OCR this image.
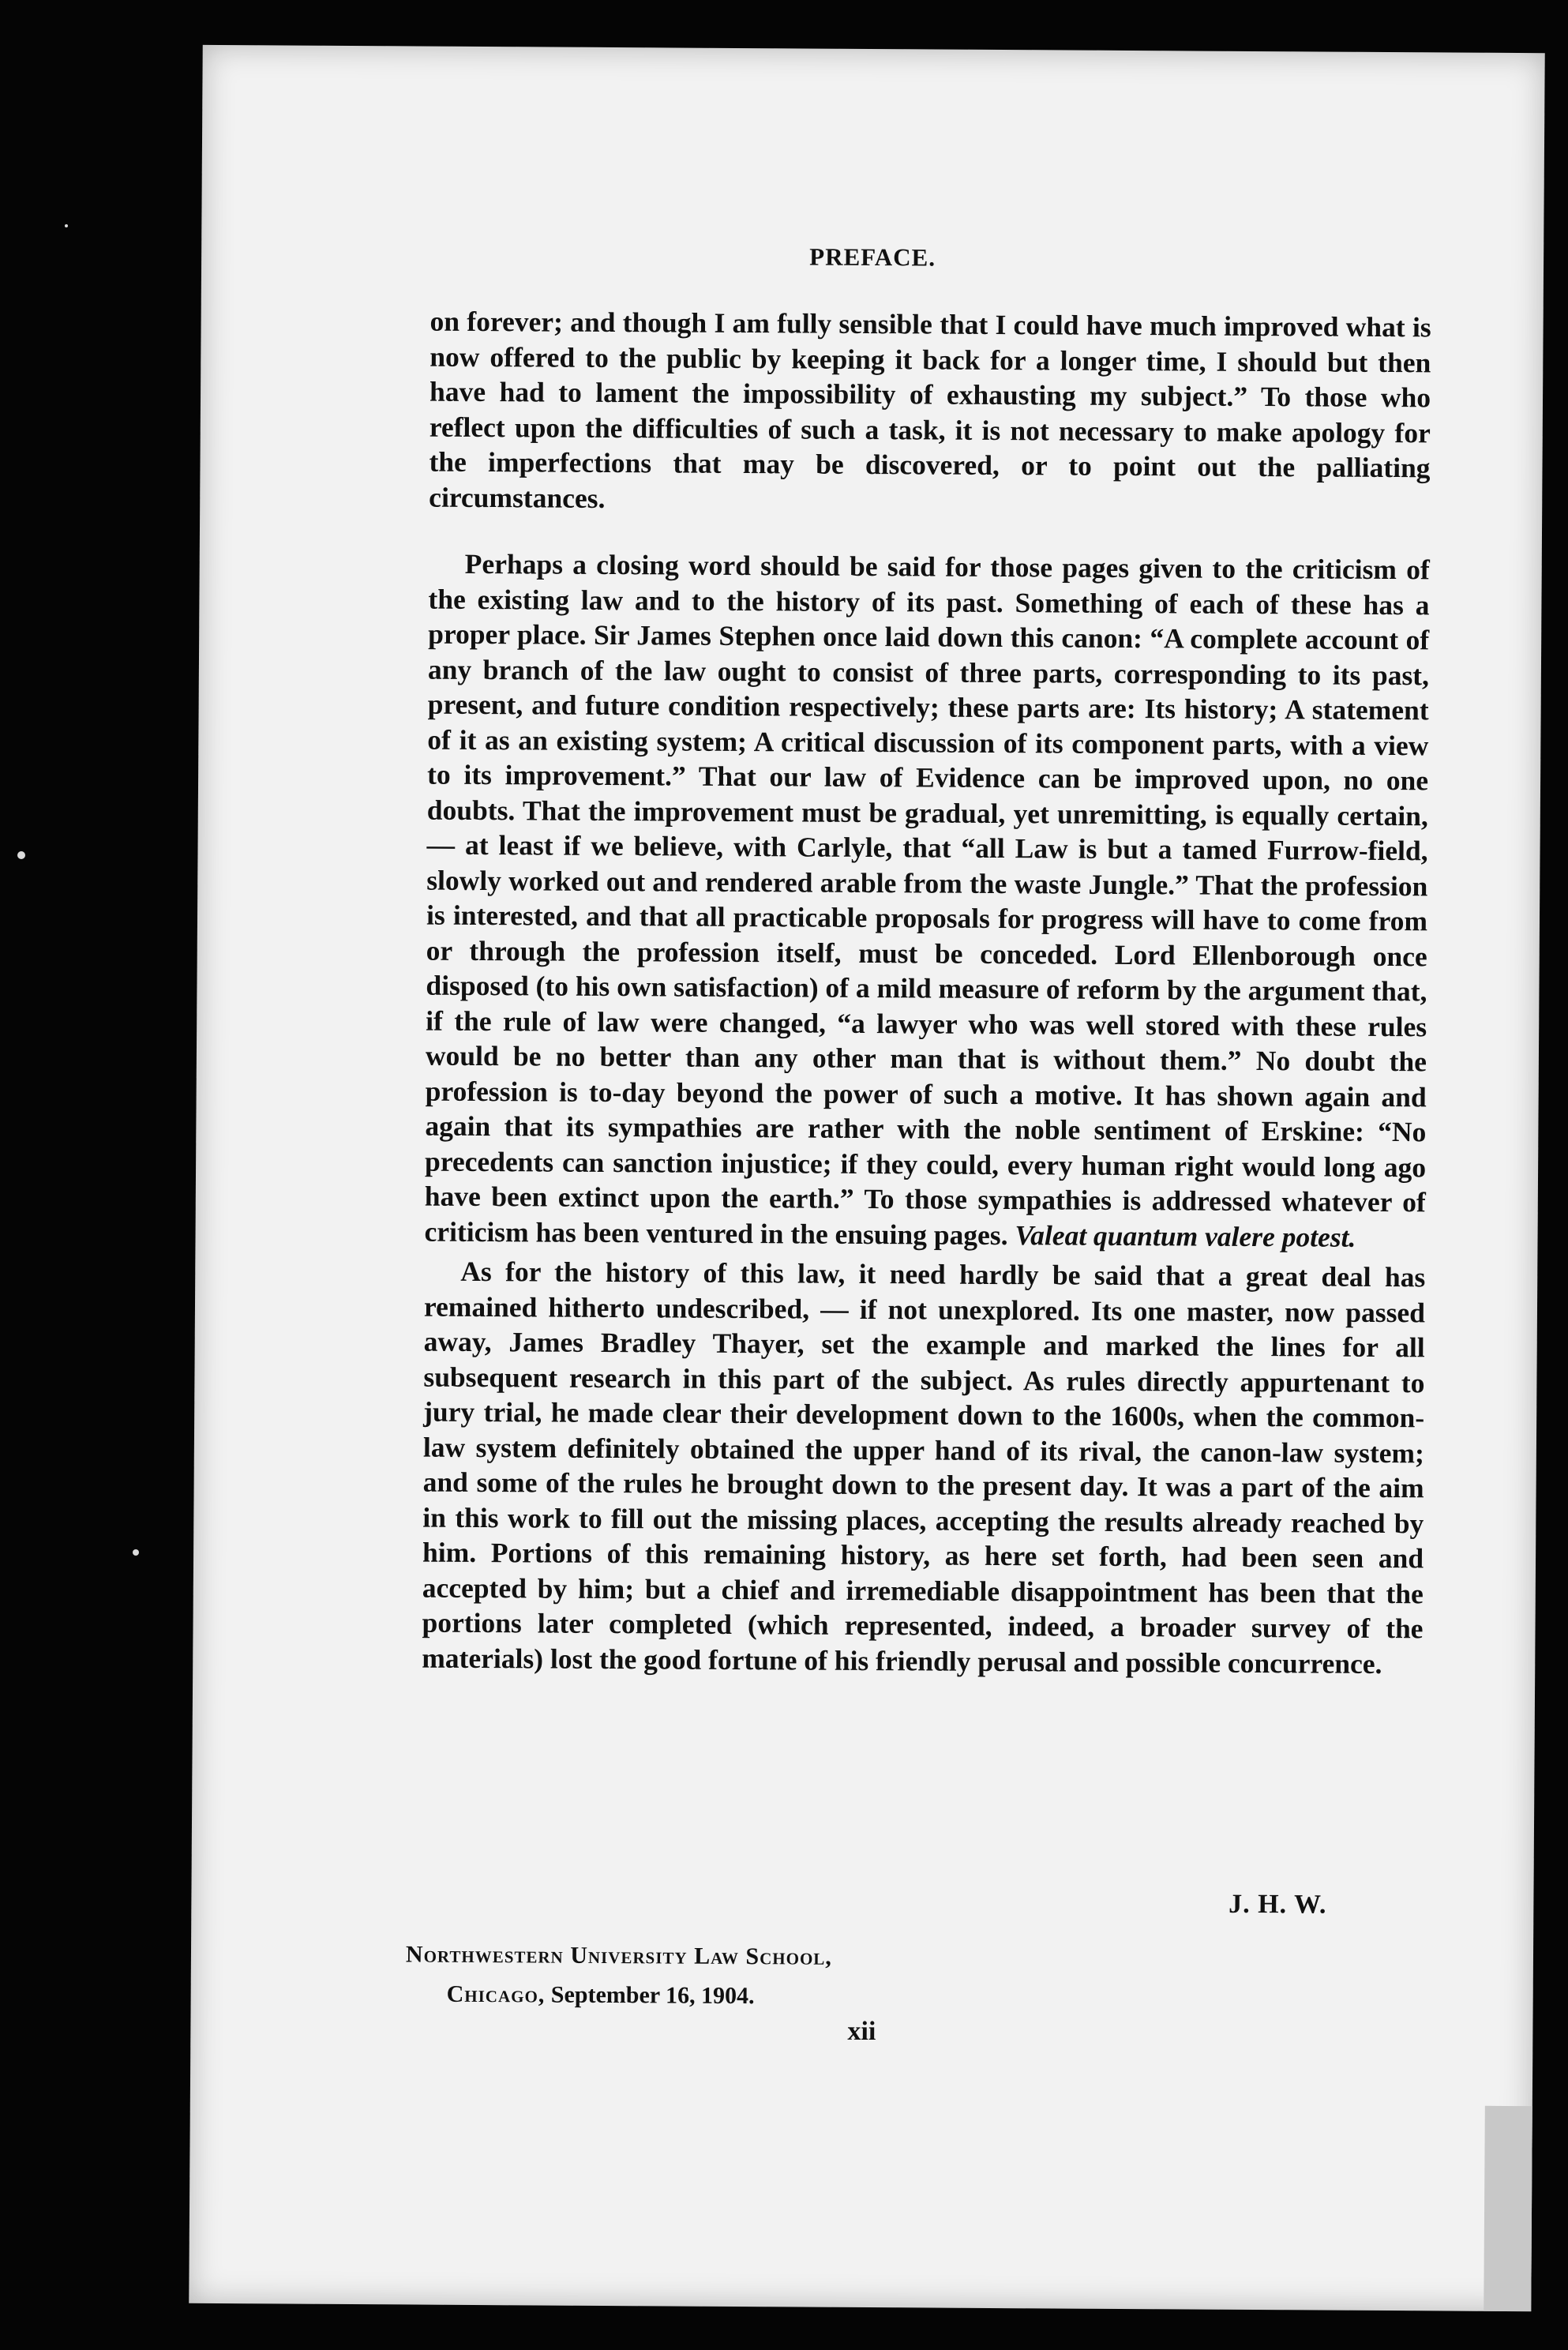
PREFACE.

on forever; and though I am fully sensible that I could have much improved what is now offered to the public by keeping it back for a longer time, I should but then have had to lament the impossibility of exhausting my subject.” To those who reflect upon the difficulties of such a task, it is not necessary to make apology for the imperfections that may be discovered, or to point out the palliating circumstances.

Perhaps a closing word should be said for those pages given to the criticism of the existing law and to the history of its past. Something of each of these has a proper place. Sir James Stephen once laid down this canon: “A complete account of any branch of the law ought to consist of three parts, corresponding to its past, present, and future condition respectively; these parts are: Its history; A statement of it as an existing system; A critical discussion of its component parts, with a view to its improvement.” That our law of Evidence can be improved upon, no one doubts. That the improvement must be gradual, yet unremitting, is equally certain, — at least if we believe, with Carlyle, that “all Law is but a tamed Furrow-field, slowly worked out and rendered arable from the waste Jungle.” That the profession is interested, and that all practicable proposals for progress will have to come from or through the profession itself, must be conceded. Lord Ellenborough once disposed (to his own satisfaction) of a mild measure of reform by the argument that, if the rule of law were changed, “a lawyer who was well stored with these rules would be no better than any other man that is without them.” No doubt the profession is to-day beyond the power of such a motive. It has shown again and again that its sympathies are rather with the noble sentiment of Erskine: “No precedents can sanction injustice; if they could, every human right would long ago have been extinct upon the earth.” To those sympathies is addressed whatever of criticism has been ventured in the ensuing pages. Valeat quantum valere potest.

As for the history of this law, it need hardly be said that a great deal has remained hitherto undescribed, — if not unexplored. Its one master, now passed away, James Bradley Thayer, set the example and marked the lines for all subsequent research in this part of the subject. As rules directly appurtenant to jury trial, he made clear their development down to the 1600s, when the common-law system definitely obtained the upper hand of its rival, the canon-law system; and some of the rules he brought down to the present day. It was a part of the aim in this work to fill out the missing places, accepting the results already reached by him. Portions of this remaining history, as here set forth, had been seen and accepted by him; but a chief and irremediable disappointment has been that the portions later completed (which represented, indeed, a broader survey of the materials) lost the good fortune of his friendly perusal and possible concurrence.

J. H. W.
Northwestern University Law School,
Chicago, September 16, 1904.
xii
